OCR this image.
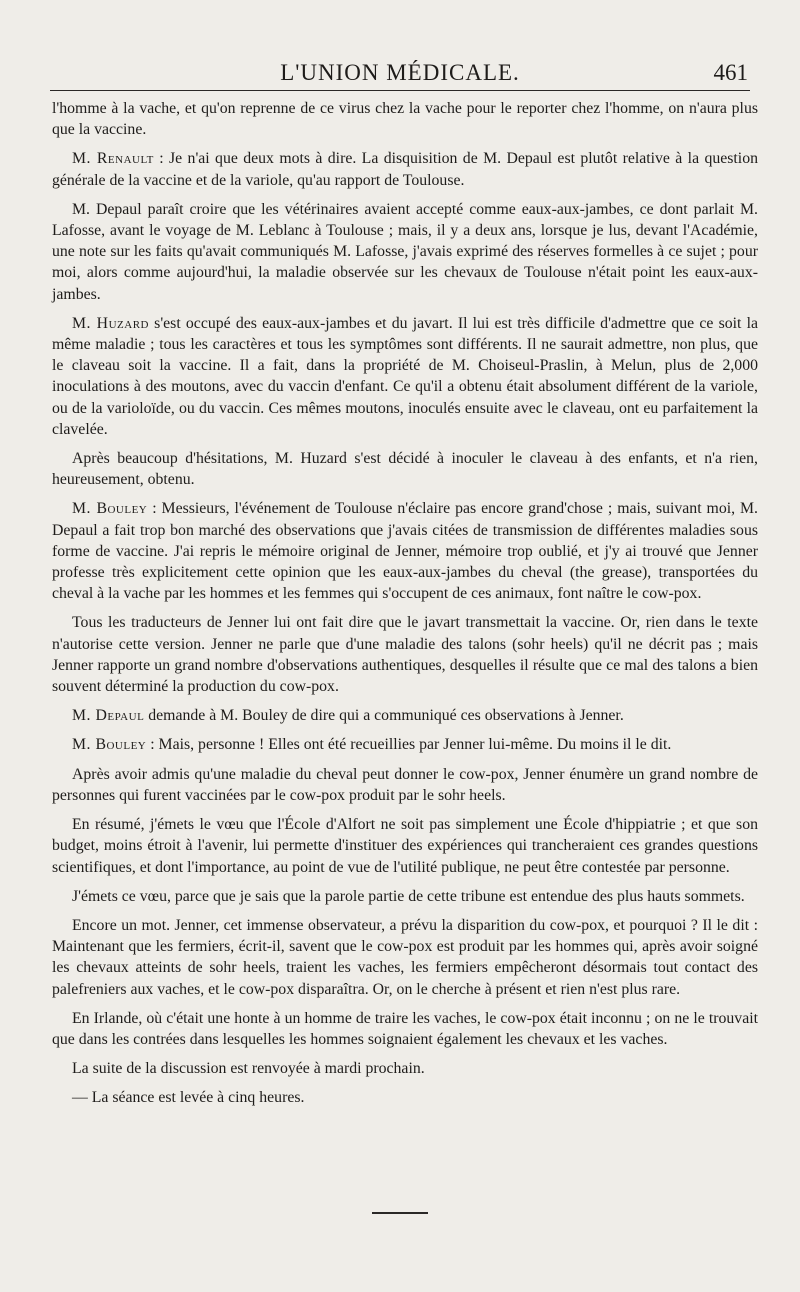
L'UNION MÉDICALE.	461

l'homme à la vache, et qu'on reprenne de ce virus chez la vache pour le reporter chez l'homme, on n'aura plus que la vaccine.

M. Renault : Je n'ai que deux mots à dire. La disquisition de M. Depaul est plutôt relative à la question générale de la vaccine et de la variole, qu'au rapport de Toulouse.

M. Depaul paraît croire que les vétérinaires avaient accepté comme eaux-aux-jambes, ce dont parlait M. Lafosse, avant le voyage de M. Leblanc à Toulouse ; mais, il y a deux ans, lorsque je lus, devant l'Académie, une note sur les faits qu'avait communiqués M. Lafosse, j'avais exprimé des réserves formelles à ce sujet ; pour moi, alors comme aujourd'hui, la maladie observée sur les chevaux de Toulouse n'était point les eaux-aux-jambes.

M. Huzard s'est occupé des eaux-aux-jambes et du javart. Il lui est très difficile d'admettre que ce soit la même maladie ; tous les caractères et tous les symptômes sont différents. Il ne saurait admettre, non plus, que le claveau soit la vaccine. Il a fait, dans la propriété de M. Choiseul-Praslin, à Melun, plus de 2,000 inoculations à des moutons, avec du vaccin d'enfant. Ce qu'il a obtenu était absolument différent de la variole, ou de la varioloïde, ou du vaccin. Ces mêmes moutons, inoculés ensuite avec le claveau, ont eu parfaitement la clavelée.

Après beaucoup d'hésitations, M. Huzard s'est décidé à inoculer le claveau à des enfants, et n'a rien, heureusement, obtenu.

M. Bouley : Messieurs, l'événement de Toulouse n'éclaire pas encore grand'chose ; mais, suivant moi, M. Depaul a fait trop bon marché des observations que j'avais citées de transmission de différentes maladies sous forme de vaccine. J'ai repris le mémoire original de Jenner, mémoire trop oublié, et j'y ai trouvé que Jenner professe très explicitement cette opinion que les eaux-aux-jambes du cheval (the grease), transportées du cheval à la vache par les hommes et les femmes qui s'occupent de ces animaux, font naître le cow-pox.

Tous les traducteurs de Jenner lui ont fait dire que le javart transmettait la vaccine. Or, rien dans le texte n'autorise cette version. Jenner ne parle que d'une maladie des talons (sohr heels) qu'il ne décrit pas ; mais Jenner rapporte un grand nombre d'observations authentiques, desquelles il résulte que ce mal des talons a bien souvent déterminé la production du cow-pox.

M. Depaul demande à M. Bouley de dire qui a communiqué ces observations à Jenner.

M. Bouley : Mais, personne ! Elles ont été recueillies par Jenner lui-même. Du moins il le dit.

Après avoir admis qu'une maladie du cheval peut donner le cow-pox, Jenner énumère un grand nombre de personnes qui furent vaccinées par le cow-pox produit par le sohr heels.

En résumé, j'émets le vœu que l'École d'Alfort ne soit pas simplement une École d'hippiatrie ; et que son budget, moins étroit à l'avenir, lui permette d'instituer des expériences qui trancheraient ces grandes questions scientifiques, et dont l'importance, au point de vue de l'utilité publique, ne peut être contestée par personne.

J'émets ce vœu, parce que je sais que la parole partie de cette tribune est entendue des plus hauts sommets.

Encore un mot. Jenner, cet immense observateur, a prévu la disparition du cow-pox, et pourquoi ? Il le dit : Maintenant que les fermiers, écrit-il, savent que le cow-pox est produit par les hommes qui, après avoir soigné les chevaux atteints de sohr heels, traient les vaches, les fermiers empêcheront désormais tout contact des palefreniers aux vaches, et le cow-pox disparaîtra. Or, on le cherche à présent et rien n'est plus rare.

En Irlande, où c'était une honte à un homme de traire les vaches, le cow-pox était inconnu ; on ne le trouvait que dans les contrées dans lesquelles les hommes soignaient également les chevaux et les vaches.

La suite de la discussion est renvoyée à mardi prochain.

— La séance est levée à cinq heures.
